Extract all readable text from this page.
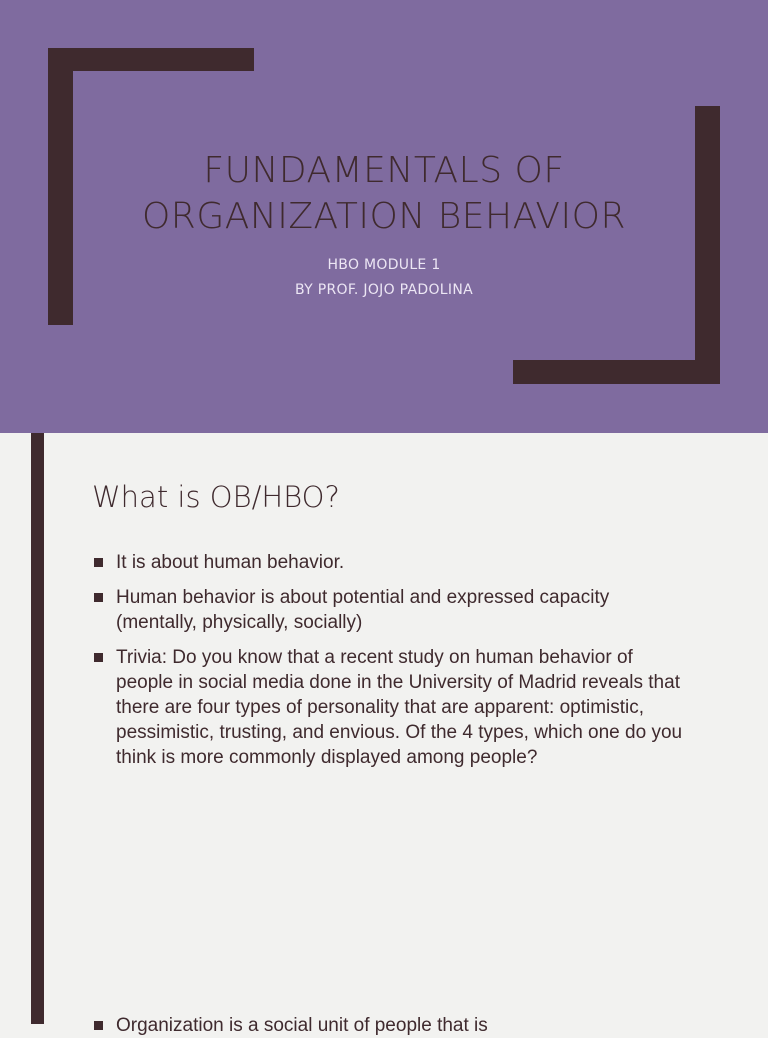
FUNDAMENTALS OF
ORGANIZATION BEHAVIOR
HBO MODULE 1
BY PROF. JOJO PADOLINA
What is OB/HBO?
It is about human behavior.
Human behavior is about potential and expressed capacity (mentally, physically, socially)
Trivia: Do you know that a recent study on human behavior of people in social media done in the University of Madrid reveals that there are four types of personality that are apparent: optimistic, pessimistic, trusting, and envious. Of the 4 types, which one do you think is more commonly displayed among people?
Organization is a social unit of people that is
